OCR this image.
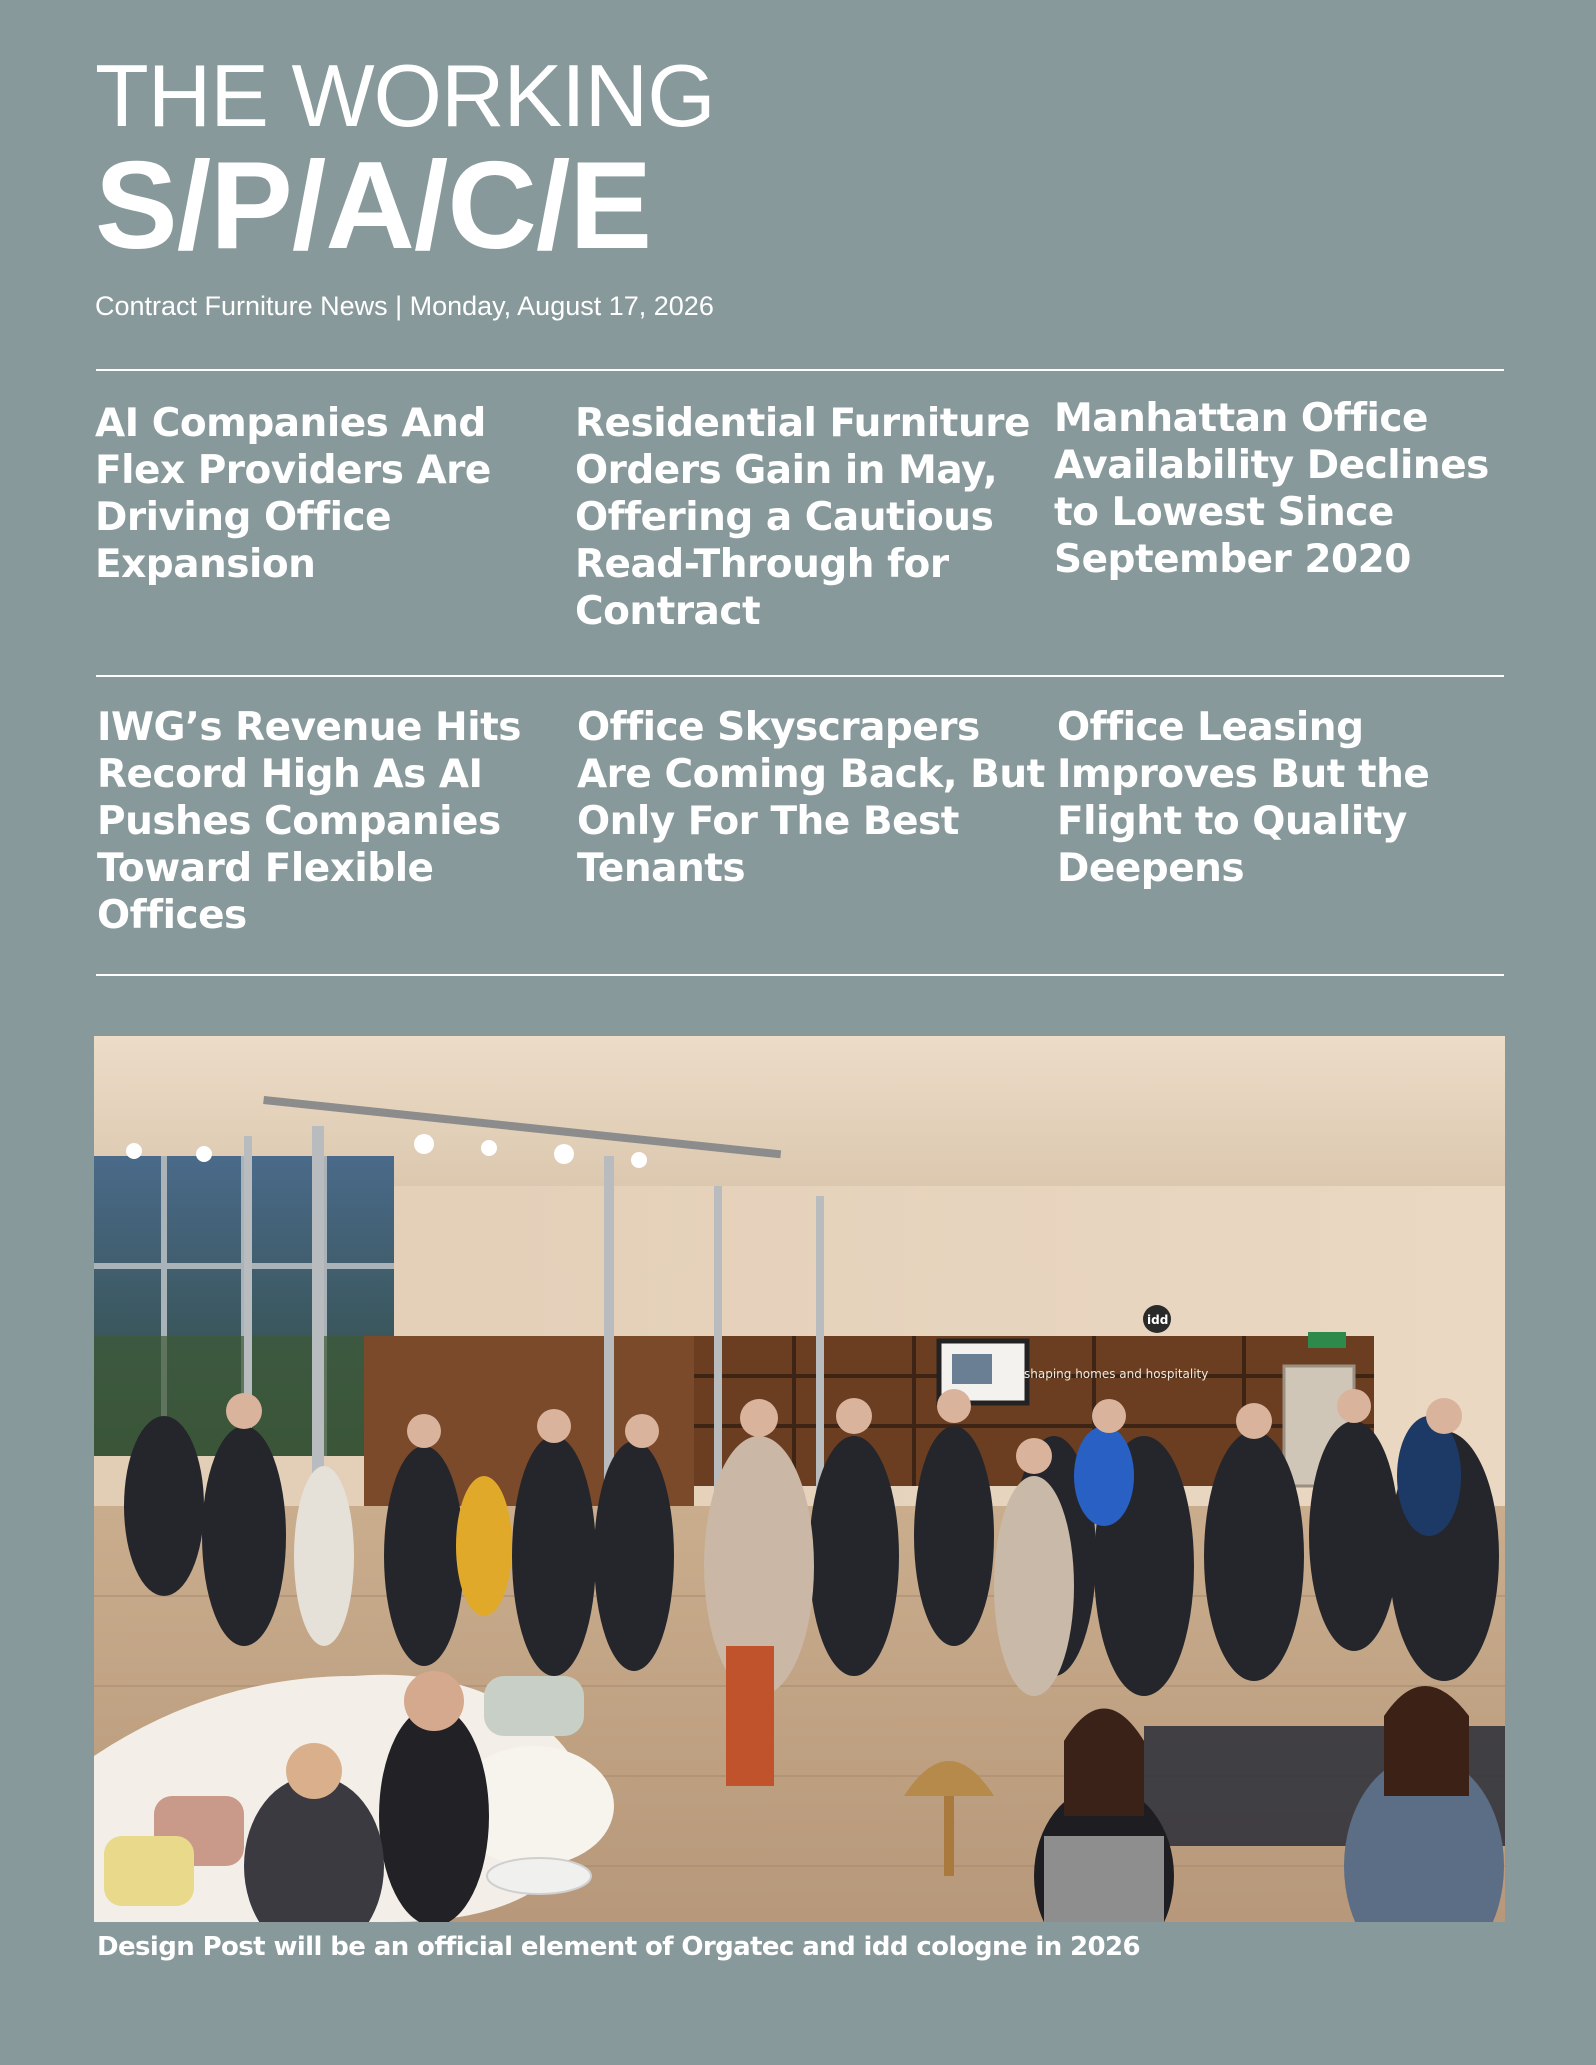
THE WORKING
S/P/A/C/E
Contract Furniture News | Monday, August 17, 2026
AI Companies And Flex Providers Are Driving Office Expansion
Residential Furniture Orders Gain in May, Offering a Cautious Read-Through for Contract
Manhattan Office Availability Declines to Lowest Since September 2020
IWG’s Revenue Hits Record High As AI Pushes Companies Toward Flexible Offices
Office Skyscrapers Are Coming Back, But Only For The Best Tenants
Office Leasing Improves But the Flight to Quality Deepens
shaping homes and hospitality
idd
Design Post will be an official element of Orgatec and idd cologne in 2026
